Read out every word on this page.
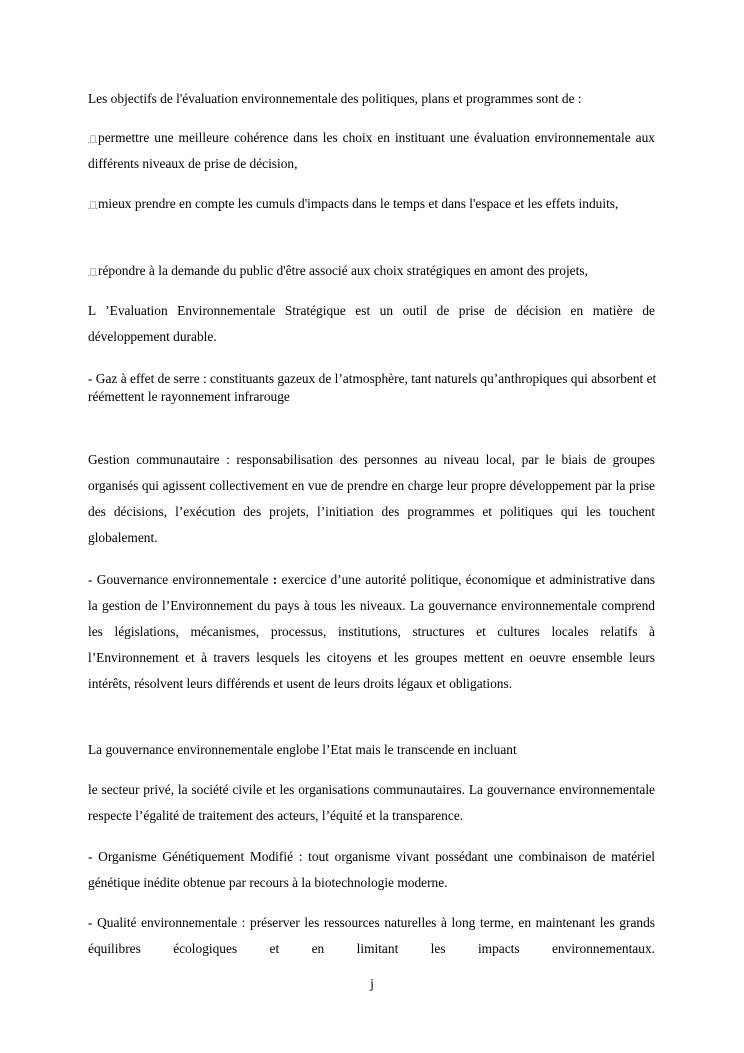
Les objectifs de l'évaluation environnementale des politiques, plans et programmes sont de :

permettre une meilleure cohérence dans les choix en instituant une évaluation environnementale aux différents niveaux de prise de décision,

mieux prendre en compte les cumuls d'impacts dans le temps et dans l'espace et les effets induits,

répondre à la demande du public d'être associé aux choix stratégiques en amont des projets,

L ’Evaluation Environnementale Stratégique est un outil de prise de décision en matière de développement durable.

- Gaz à effet de serre : constituants gazeux de l’atmosphère, tant naturels qu’anthropiques qui absorbent et réémettent le rayonnement infrarouge

Gestion communautaire : responsabilisation des personnes au niveau local, par le biais de groupes organisés qui agissent collectivement en vue de prendre en charge leur propre développement par la prise des décisions, l’exécution des projets, l’initiation des programmes et politiques qui les touchent globalement.

- Gouvernance environnementale : exercice d’une autorité politique, économique et administrative dans la gestion de l’Environnement du pays à tous les niveaux. La gouvernance environnementale comprend les législations, mécanismes, processus, institutions, structures et cultures locales relatifs à l’Environnement et à travers lesquels les citoyens et les groupes mettent en oeuvre ensemble leurs intérêts, résolvent leurs différends et usent de leurs droits légaux et obligations.

La gouvernance environnementale englobe l’Etat mais le transcende en incluant

le secteur privé, la société civile et les organisations communautaires. La gouvernance environnementale respecte l’égalité de traitement des acteurs, l’équité et la transparence.

- Organisme Génétiquement Modifié : tout organisme vivant possédant une combinaison de matériel génétique inédite obtenue par recours à la biotechnologie moderne.

- Qualité environnementale : préserver les ressources naturelles à long terme, en maintenant les grands équilibres écologiques et en limitant les impacts environnementaux.

j
